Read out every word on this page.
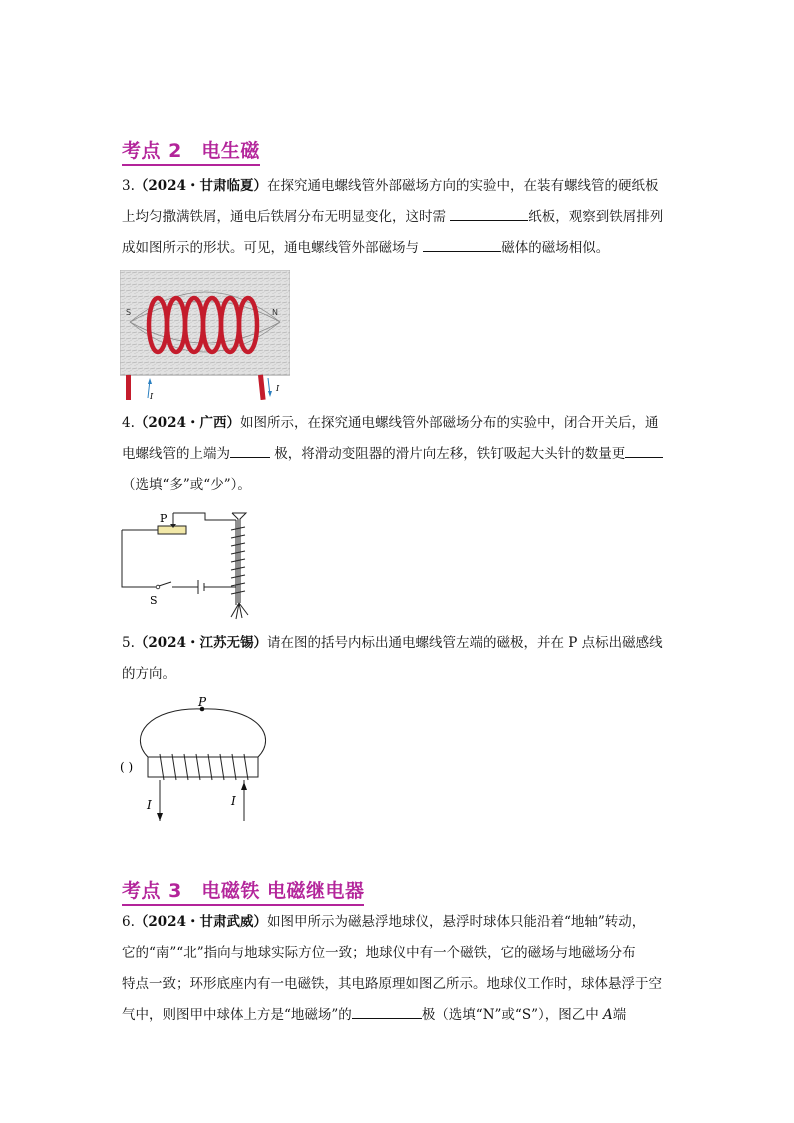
考点 2　电生磁
3.（2024・甘肃临夏）在探究通电螺线管外部磁场方向的实验中，在装有螺线管的硬纸板
上均匀撒满铁屑，通电后铁屑分布无明显变化，这时需	纸板，观察到铁屑排列
成如图所示的形状。可见，通电螺线管外部磁场与	磁体的磁场相似。
S	N
I
I
4.（2024・广西）如图所示，在探究通电螺线管外部磁场分布的实验中，闭合开关后，通
电螺线管的上端为	极，将滑动变阻器的滑片向左移，铁钉吸起大头针的数量更
（选填“多”或“少”）。
P
S
5.（2024・江苏无锡）请在图的括号内标出通电螺线管左端的磁极，并在 P 点标出磁感线
的方向。
P
( )
I	I
考点 3　电磁铁 电磁继电器
6.（2024・甘肃武威）如图甲所示为磁悬浮地球仪，悬浮时球体只能沿着“地轴”转动，
它的“南”“北”指向与地球实际方位一致；地球仪中有一个磁铁，它的磁场与地磁场分布
特点一致；环形底座内有一电磁铁，其电路原理如图乙所示。地球仪工作时，球体悬浮于空
气中，则图甲中球体上方是“地磁场”的	极（选填“N”或“S”），图乙中 A端
